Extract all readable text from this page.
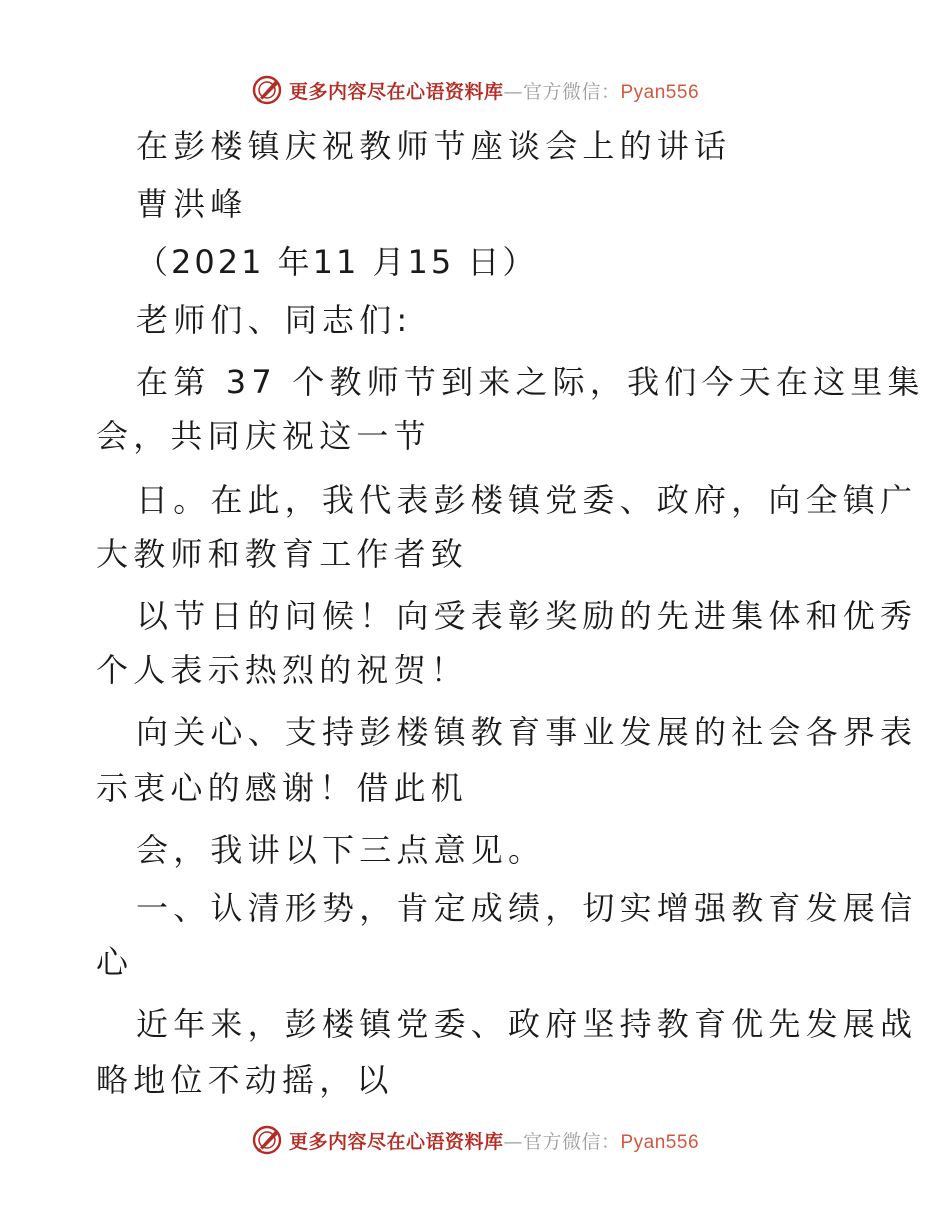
更多内容尽在心语资料库—官方微信：Pyan556
在彭楼镇庆祝教师节座谈会上的讲话
曹洪峰
（2021 年11 月15 日）
老师们、同志们:
在第 37 个教师节到来之际，我们今天在这里集
会，共同庆祝这一节
日。在此，我代表彭楼镇党委、政府，向全镇广
大教师和教育工作者致
以节日的问候！向受表彰奖励的先进集体和优秀
个人表示热烈的祝贺！
向关心、支持彭楼镇教育事业发展的社会各界表
示衷心的感谢！借此机
会，我讲以下三点意见。
一、认清形势，肯定成绩，切实增强教育发展信
心
近年来，彭楼镇党委、政府坚持教育优先发展战
略地位不动摇，以
更多内容尽在心语资料库—官方微信：Pyan556
